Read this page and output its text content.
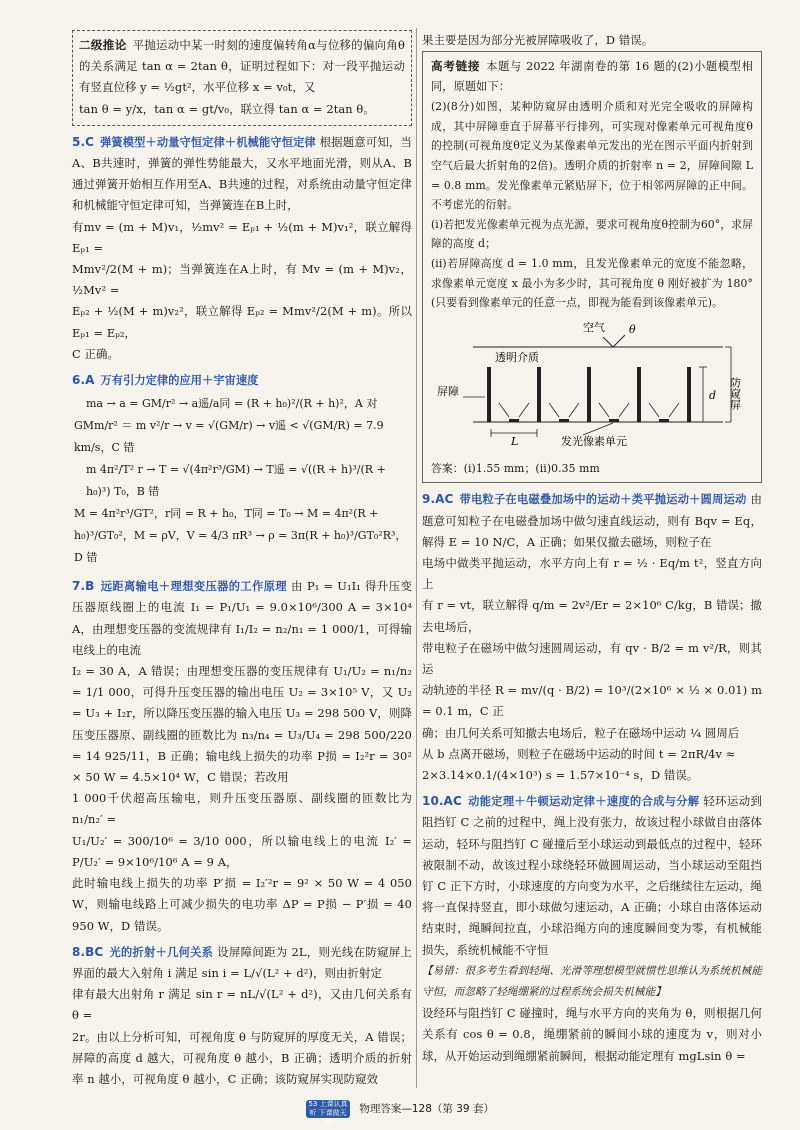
二级推论 平抛运动中某一时刻的速度偏转角α与位移的偏向角θ的关系满足 tan α = 2tan θ，证明过程如下：对一段平抛运动有竖直位移 y = ½gt²，水平位移 x = v₀t，又

tan θ = y/x，tan α = gt/v₀，联立得 tan α = 2tan θ。

5.C 弹簧模型＋动量守恒定律＋机械能守恒定律 根据题意可知，当A、B共速时，弹簧的弹性势能最大，又水平地面光滑，则从A、B通过弹簧开始相互作用至A、B共速的过程，对系统由动量守恒定律和机械能守恒定律可知，当弹簧连在B上时，

有mv = (m + M)v₁，½mv² = Eₚ₁ + ½(m + M)v₁²，联立解得 Eₚ₁ =

Mmv²/2(M + m)；当弹簧连在A上时，有 Mv = (m + M)v₂，½Mv² =

Eₚ₂ + ½(M + m)v₂²，联立解得 Eₚ₂ = Mmv²/2(M + m)。所以 Eₚ₁ = Eₚ₂，

C 正确。

6.A 万有引力定律的应用＋宇宙速度

ma → a = GM/r² → a遥/a同 = (R + h₀)²/(R + h)²，A 对

GMm/r² ＝ m v²/r → v = √(GM/r) → v遥 < √(GM/R) = 7.9 km/s，C 错

m 4π²/T² r → T = √(4π²r³/GM) → T遥 = √((R + h)³/(R + h₀)³) T₀，B 错

M = 4π²r³/GT²，r同 = R + h₀，T同 = T₀ → M = 4π²(R + h₀)³/GT₀²，M = ρV，V = 4/3 πR³ → ρ = 3π(R + h₀)³/GT₀²R³，D 错

7.B 远距离输电＋理想变压器的工作原理 由 P₁ = U₁I₁ 得升压变压器原线圈上的电流 I₁ = P₁/U₁ = 9.0×10⁶/300 A = 3×10⁴ A，由理想变压器的变流规律有 I₁/I₂ = n₂/n₁ = 1 000/1，可得输电线上的电流

I₂ = 30 A，A 错误；由理想变压器的变压规律有 U₁/U₂ = n₁/n₂ = 1/1 000，可得升压变压器的输出电压 U₂ = 3×10⁵ V，又 U₂ = U₃ + I₂r，所以降压变压器的输入电压 U₃ = 298 500 V，则降压变压器原、副线圈的匝数比为 n₃/n₄ = U₃/U₄ = 298 500/220 = 14 925/11，B 正确；输电线上损失的功率 P损 = I₂²r = 30² × 50 W = 4.5×10⁴ W，C 错误；若改用

1 000千伏超高压输电，则升压变压器原、副线圈的匝数比为 n₁/n₂′ =

U₁/U₂′ = 300/10⁶ = 3/10 000，所以输电线上的电流 I₂′ = P/U₂′ = 9×10⁶/10⁶ A = 9 A，

此时输电线上损失的功率 P′损 = I₂′²r = 9² × 50 W = 4 050 W，则输电线路上可减少损失的电功率 ΔP = P损 − P′损 = 40 950 W，D 错误。

8.BC 光的折射＋几何关系 设屏障间距为 2L，则光线在防窥屏上界面的最大入射角 i 满足 sin i = L/√(L² + d²)，则由折射定

律有最大出射角 r 满足 sin r = nL/√(L² + d²)，又由几何关系有 θ =

2r。由以上分析可知，可视角度 θ 与防窥屏的厚度无关，A 错误；屏障的高度 d 越大，可视角度 θ 越小，B 正确；透明介质的折射率 n 越小，可视角度 θ 越小，C 正确；该防窥屏实现防窥效

果主要是因为部分光被屏障吸收了，D 错误。

高考链接 本题与 2022 年湖南卷的第 16 题的(2)小题模型相同，原题如下：

(2)(8分)如图，某种防窥屏由透明介质和对光完全吸收的屏障构成，其中屏障垂直于屏幕平行排列，可实现对像素单元可视角度θ的控制(可视角度θ定义为某像素单元发出的光在图示平面内折射到空气后最大折射角的2倍)。透明介质的折射率 n = 2，屏障间隙 L = 0.8 mm。发光像素单元紧贴屏下，位于相邻两屏障的正中间。不考虑光的衍射。

(i)若把发光像素单元视为点光源，要求可视角度θ控制为60°，求屏障的高度 d；

(ii)若屏障高度 d = 1.0 mm，且发光像素单元的宽度不能忽略，求像素单元宽度 x 最小为多少时，其可视角度 θ 刚好被扩为 180°(只要看到像素单元的任意一点，即视为能看到该像素单元)。

空气 θ
透明介质
屏障	d 防窥屏
L	发光像素单元

答案：(i)1.55 mm；(ii)0.35 mm

9.AC 带电粒子在电磁叠加场中的运动＋类平抛运动＋圆周运动 由题意可知粒子在电磁叠加场中做匀速直线运动，则有 Bqv = Eq，解得 E = 10 N/C，A 正确；如果仅撤去磁场，则粒子在

电场中做类平抛运动，水平方向上有 r = ½ · Eq/m t²，竖直方向上

有 r = vt，联立解得 q/m = 2v²/Er = 2×10⁶ C/kg，B 错误；撤去电场后，

带电粒子在磁场中做匀速圆周运动，有 qv · B/2 = m v²/R，则其运

动轨迹的半径 R = mv/(q · B/2) = 10³/(2×10⁶ × ½ × 0.01) m = 0.1 m，C 正

确；由几何关系可知撤去电场后，粒子在磁场中运动 ¼ 圆周后

从 b 点离开磁场，则粒子在磁场中运动的时间 t = 2πR/4v ≈

2×3.14×0.1/(4×10³) s = 1.57×10⁻⁴ s，D 错误。

10.AC 动能定理＋牛顿运动定律＋速度的合成与分解 轻环运动到阻挡钉 C 之前的过程中，绳上没有张力，故该过程小球做自由落体运动，轻环与阻挡钉 C 碰撞后至小球运动到最低点的过程中，轻环被限制不动，故该过程小球绕轻环做圆周运动，当小球运动至阻挡钉 C 正下方时，小球速度的方向变为水平，之后继续往左运动，绳将一直保持竖直，即小球做匀速运动，A 正确；小球自由落体运动结束时，绳瞬间拉直，小球沿绳方向的速度瞬间变为零，有机械能损失，系统机械能不守恒

【易错：很多考生看到轻绳、光滑等理想模型就惯性思维认为系统机械能守恒，而忽略了轻绳绷紧的过程系统会损失机械能】

设经环与阻挡钉 C 碰撞时，绳与水平方向的夹角为 θ，则根据几何关系有 cos θ = 0.8，绳绷紧前的瞬间小球的速度为 v，则对小球，从开始运动到绳绷紧前瞬间，根据动能定理有 mgLsin θ =

53 上课认真听 下课做天利 物理答案—128（第 39 套）
